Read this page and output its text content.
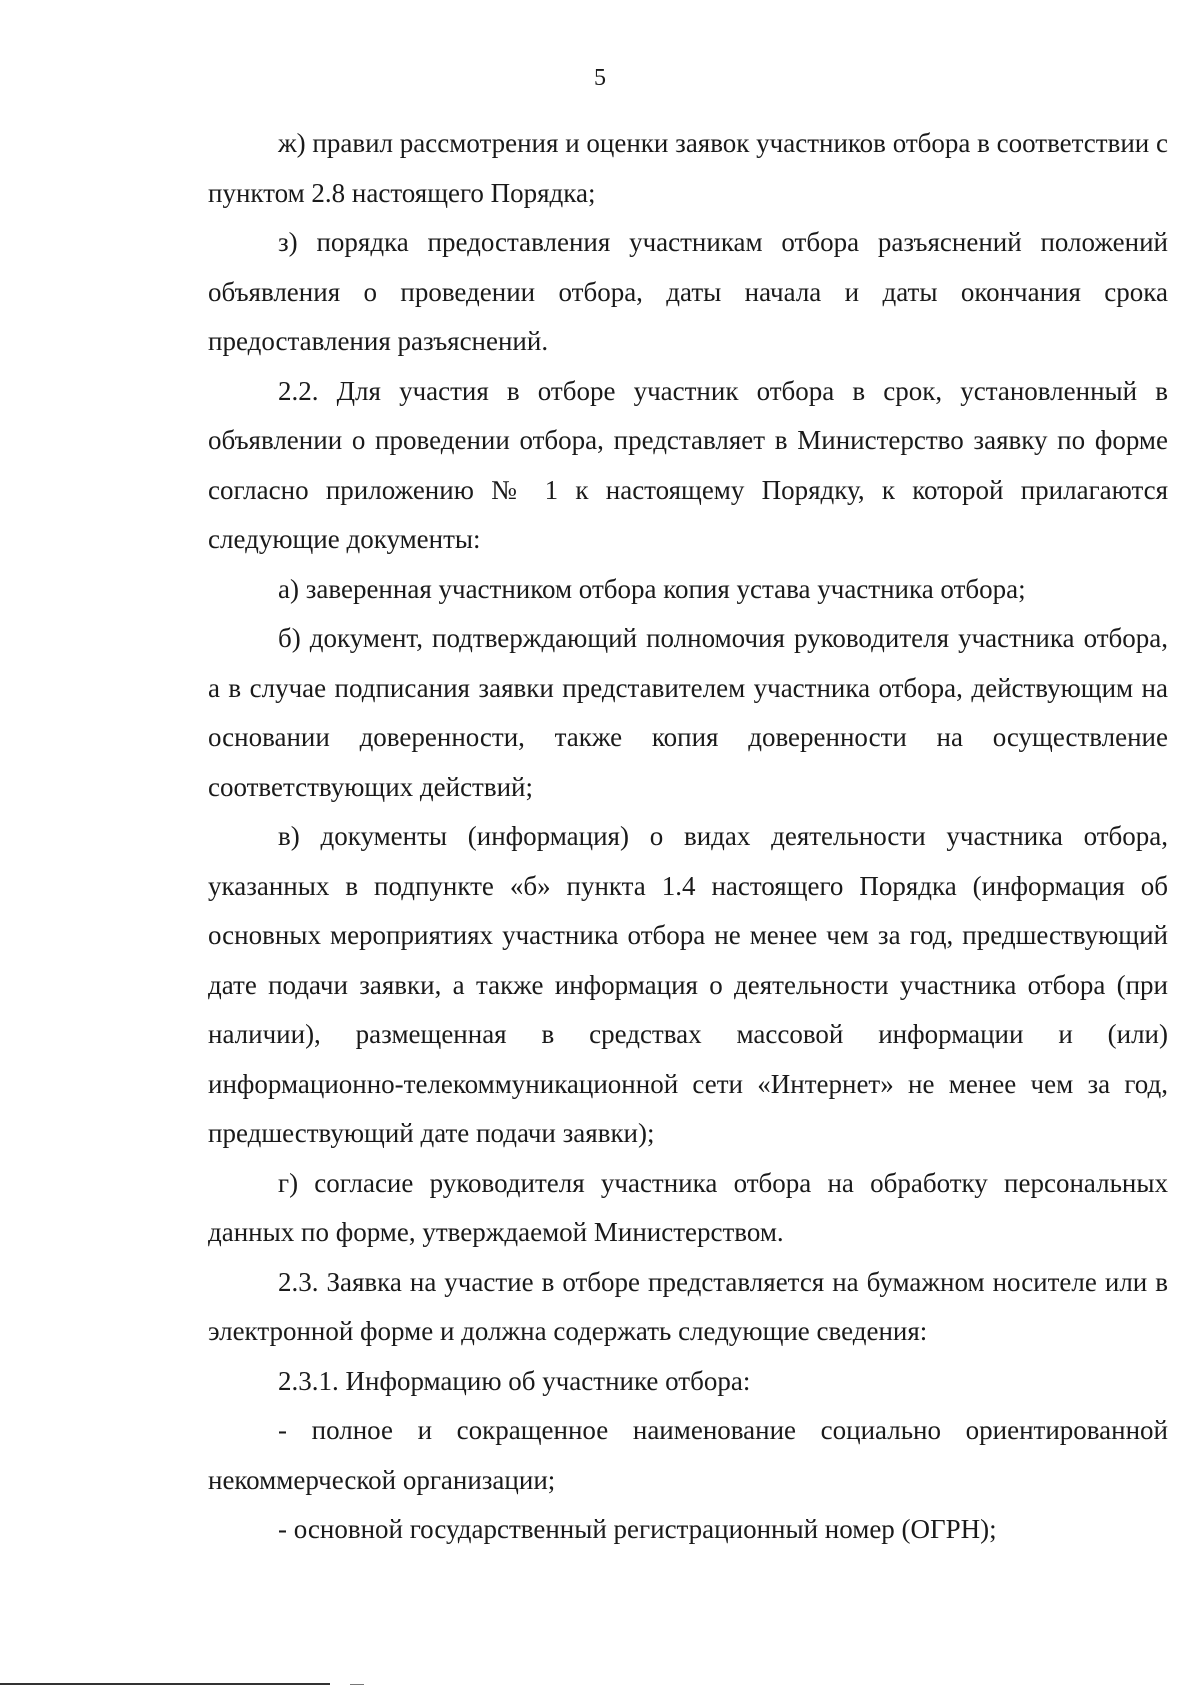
5

ж) правил рассмотрения и оценки заявок участников отбора в соответствии с пунктом 2.8 настоящего Порядка;

з) порядка предоставления участникам отбора разъяснений положений объявления о проведении отбора, даты начала и даты окончания срока предоставления разъяснений.

2.2. Для участия в отборе участник отбора в срок, установленный в объявлении о проведении отбора, представляет в Министерство заявку по форме согласно приложению № 1 к настоящему Порядку, к которой прилагаются следующие документы:

а) заверенная участником отбора копия устава участника отбора;

б) документ, подтверждающий полномочия руководителя участника отбора, а в случае подписания заявки представителем участника отбора, действующим на основании доверенности, также копия доверенности на осуществление соответствующих действий;

в) документы (информация) о видах деятельности участника отбора, указанных в подпункте «б» пункта 1.4 настоящего Порядка (информация об основных мероприятиях участника отбора не менее чем за год, предшествующий дате подачи заявки, а также информация о деятельности участника отбора (при наличии), размещенная в средствах массовой информации и (или) информационно-телекоммуникационной сети «Интернет» не менее чем за год, предшествующий дате подачи заявки);

г) согласие руководителя участника отбора на обработку персональных данных по форме, утверждаемой Министерством.

2.3. Заявка на участие в отборе представляется на бумажном носителе или в электронной форме и должна содержать следующие сведения:

2.3.1. Информацию об участнике отбора:

- полное и сокращенное наименование социально ориентированной некоммерческой организации;

- основной государственный регистрационный номер (ОГРН);
